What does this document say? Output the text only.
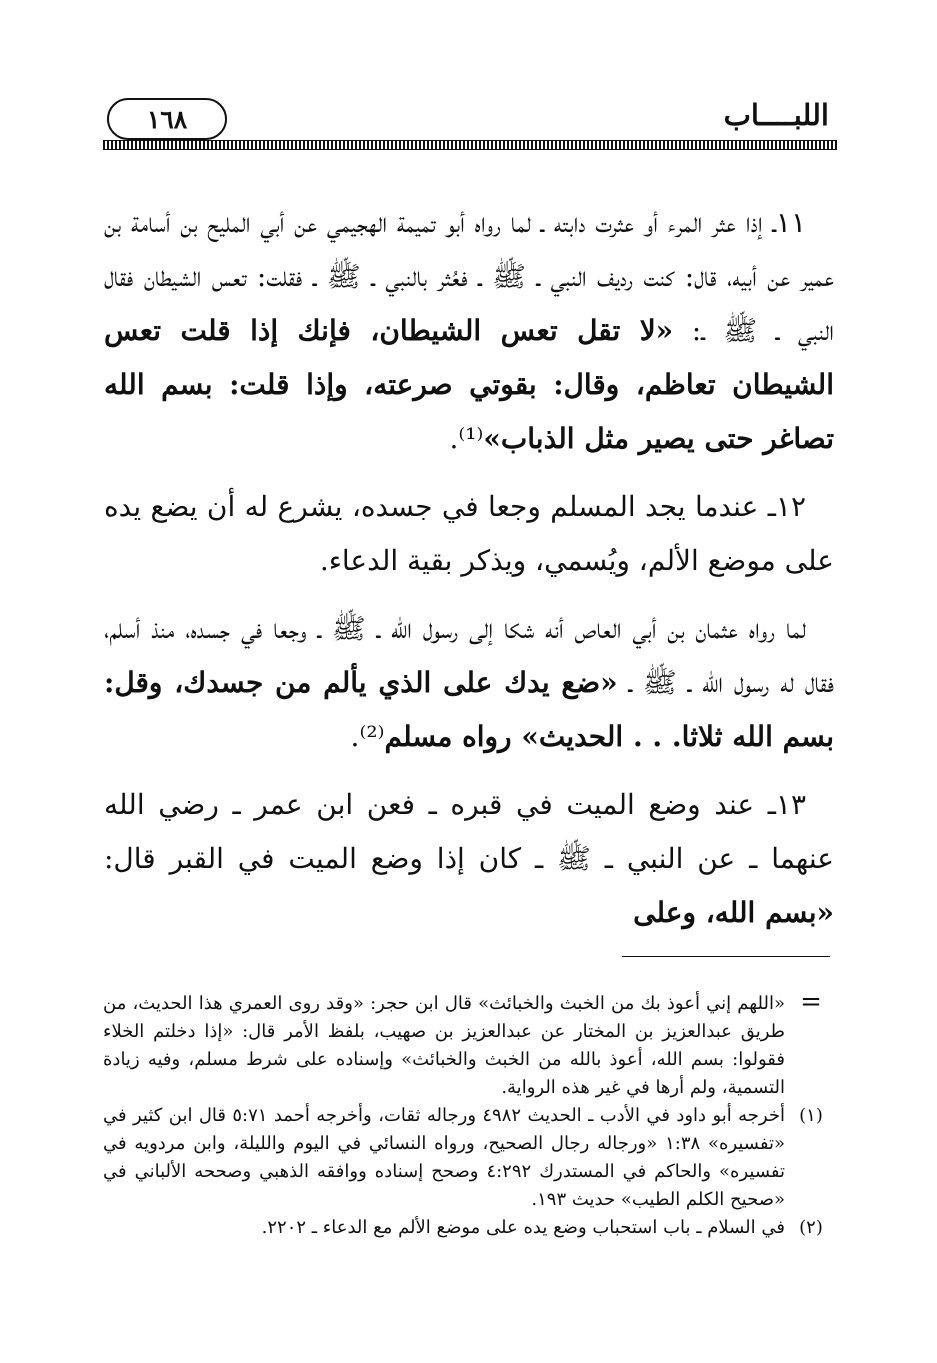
اللبــــاب
١٦٨

١١ـ إذا عثر المرء أو عثرت دابته ـ لما رواه أبو تميمة الهجيمي عن أبي المليح بن أسامة بن عمير عن أبيه، قال: كنت رديف النبي ـ ﷺ ـ فعُثر بالنبي ـ ﷺ ـ فقلت: تعس الشيطان فقال النبي ـ ﷺ ـ: «لا تقل تعس الشيطان، فإنك إذا قلت تعس الشيطان تعاظم، وقال: بقوتي صرعته، وإذا قلت: بسم الله تصاغر حتى يصير مثل الذباب»⁽¹⁾.

١٢ـ عندما يجد المسلم وجعا في جسده، يشرع له أن يضع يده على موضع الألم، ويُسمي، ويذكر بقية الدعاء.

لما رواه عثمان بن أبي العاص أنه شكا إلى رسول الله ـ ﷺ ـ وجعا في جسده، منذ أسلم، فقال له رسول الله ـ ﷺ ـ «ضع يدك على الذي يألم من جسدك، وقل: بسم الله ثلاثا. . . الحديث» رواه مسلم⁽²⁾.

١٣ـ عند وضع الميت في قبره ـ فعن ابن عمر ـ رضي الله عنهما ـ عن النبي ـ ﷺ ـ كان إذا وضع الميت في القبر قال: «بسم الله، وعلى

=
«اللهم إني أعوذ بك من الخبث والخبائث» قال ابن حجر: «وقد روى العمري هذا الحديث، من طريق عبدالعزيز بن المختار عن عبدالعزيز بن صهيب، بلفظ الأمر قال: «إذا دخلتم الخلاء فقولوا: بسم الله، أعوذ بالله من الخبث والخبائث» وإسناده على شرط مسلم، وفيه زيادة التسمية، ولم أرها في غير هذه الرواية.
(١)
أخرجه أبو داود في الأدب ـ الحديث ٤٩٨٢ ورجاله ثقات، وأخرجه أحمد ٥:٧١ قال ابن كثير في «تفسيره» ١:٣٨ «ورجاله رجال الصحيح، ورواه النسائي في اليوم والليلة، وابن مردويه في تفسيره» والحاكم في المستدرك ٤:٢٩٢ وصحح إسناده ووافقه الذهبي وصححه الألباني في «صحيح الكلم الطيب» حديث ١٩٣.
(٢)
في السلام ـ باب استحباب وضع يده على موضع الألم مع الدعاء ـ ٢٢٠٢.
